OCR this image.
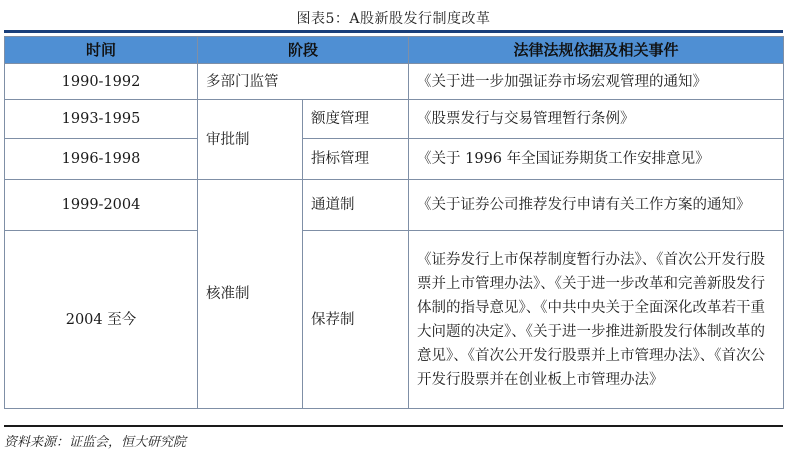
图表5：A股新股发行制度改革
时间	阶段		法律法规依据及相关事件
1990-1992	多部门监管		《关于进一步加强证券市场宏观管理的通知》
1993-1995	审批制	额度管理	《股票发行与交易管理暂行条例》
1996-1998		指标管理	《关于 1996 年全国证券期货工作安排意见》
1999-2004	核准制	通道制	《关于证券公司推荐发行申请有关工作方案的通知》
2004 至今		保荐制	《证券发行上市保荐制度暂行办法》、《首次公开发行股票并上市管理办法》、《关于进一步改革和完善新股发行体制的指导意见》、《中共中央关于全面深化改革若干重大问题的决定》、《关于进一步推进新股发行体制改革的意见》、《首次公开发行股票并上市管理办法》、《首次公开发行股票并在创业板上市管理办法》
资料来源：证监会，恒大研究院
